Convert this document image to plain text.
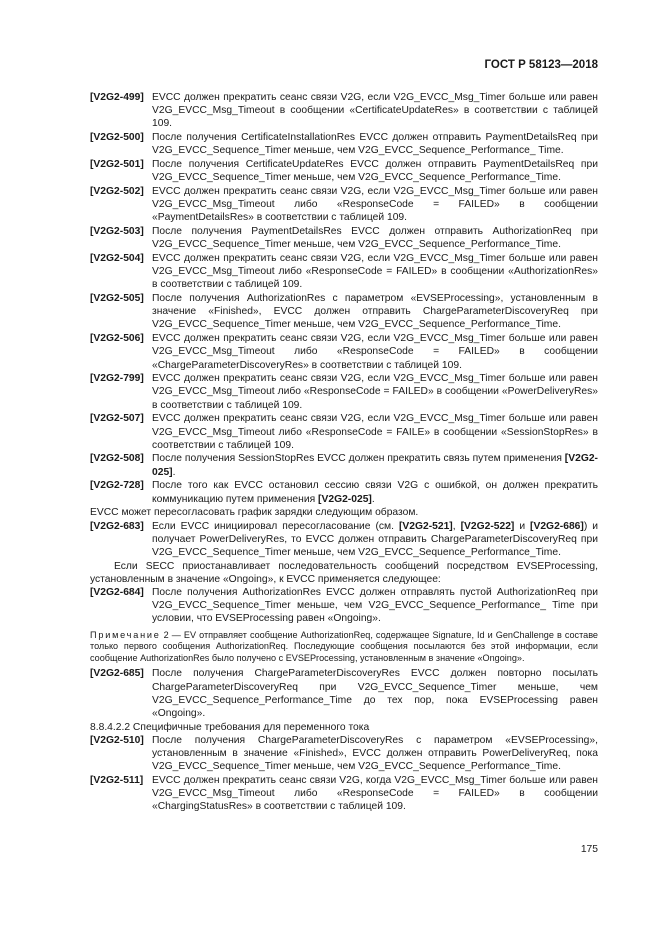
ГОСТ Р 58123—2018
[V2G2-499] EVCC должен прекратить сеанс связи V2G, если V2G_EVCC_Msg_Timer больше или равен V2G_EVCC_Msg_Timeout в сообщении «CertificateUpdateRes» в соответствии с таблицей 109.
[V2G2-500] После получения CertificateInstallationRes EVCC должен отправить PaymentDetailsReq при V2G_EVCC_Sequence_Timer меньше, чем V2G_EVCC_Sequence_Performance_ Time.
[V2G2-501] После получения CertificateUpdateRes EVCC должен отправить PaymentDetailsReq при V2G_EVCC_Sequence_Timer меньше, чем V2G_EVCC_Sequence_Performance_Time.
[V2G2-502] EVCC должен прекратить сеанс связи V2G, если V2G_EVCC_Msg_Timer больше или равен V2G_EVCC_Msg_Timeout либо «ResponseCode = FAILED» в сообщении «PaymentDetailsRes» в соответствии с таблицей 109.
[V2G2-503] После получения PaymentDetailsRes EVCC должен отправить AuthorizationReq при V2G_EVCC_Sequence_Timer меньше, чем V2G_EVCC_Sequence_Performance_Time.
[V2G2-504] EVCC должен прекратить сеанс связи V2G, если V2G_EVCC_Msg_Timer больше или равен V2G_EVCC_Msg_Timeout либо «ResponseCode = FAILED» в сообщении «AuthorizationRes» в соответствии с таблицей 109.
[V2G2-505] После получения AuthorizationRes с параметром «EVSEProcessing», установленным в значение «Finished», EVCC должен отправить ChargeParameterDiscoveryReq при V2G_EVCC_Sequence_Timer меньше, чем V2G_EVCC_Sequence_Performance_Time.
[V2G2-506] EVCC должен прекратить сеанс связи V2G, если V2G_EVCC_Msg_Timer больше или равен V2G_EVCC_Msg_Timeout либо «ResponseCode = FAILED» в сообщении «ChargeParameterDiscoveryRes» в соответствии с таблицей 109.
[V2G2-799] EVCC должен прекратить сеанс связи V2G, если V2G_EVCC_Msg_Timer больше или равен V2G_EVCC_Msg_Timeout либо «ResponseCode = FAILED» в сообщении «PowerDeliveryRes» в соответствии с таблицей 109.
[V2G2-507] EVCC должен прекратить сеанс связи V2G, если V2G_EVCC_Msg_Timer больше или равен V2G_EVCC_Msg_Timeout либо «ResponseCode = FAILE» в сообщении «SessionStopRes» в соответствии с таблицей 109.
[V2G2-508] После получения SessionStopRes EVCC должен прекратить связь путем применения [V2G2-025].
[V2G2-728] После того как EVCC остановил сессию связи V2G с ошибкой, он должен прекратить коммуникацию путем применения [V2G2-025].
EVCC может пересогласовать график зарядки следующим образом.
[V2G2-683] Если EVCC инициировал пересогласование (см. [V2G2-521], [V2G2-522] и [V2G2-686]) и получает PowerDeliveryRes, то EVCC должен отправить ChargeParameterDiscoveryReq при V2G_EVCC_Sequence_Timer меньше, чем V2G_EVCC_Sequence_Performance_Time.
Если SECC приостанавливает последовательность сообщений посредством EVSEProcessing, установленным в значение «Ongoing», к EVCC применяется следующее:
[V2G2-684] После получения AuthorizationRes EVCC должен отправлять пустой AuthorizationReq при V2G_EVCC_Sequence_Timer меньше, чем V2G_EVCC_Sequence_Performance_ Time при условии, что EVSEProcessing равен «Ongoing».
Примечание 2 — EV отправляет сообщение AuthorizationReq, содержащее Signature, Id и GenChallenge в составе только первого сообщения AuthorizationReq. Последующие сообщения посылаются без этой информации, если сообщение AuthorizationRes было получено с EVSEProcessing, установленным в значение «Ongoing».
[V2G2-685] После получения ChargeParameterDiscoveryRes EVCC должен повторно посылать ChargeParameterDiscoveryReq при V2G_EVCC_Sequence_Timer меньше, чем V2G_EVCC_Sequence_Performance_Time до тех пор, пока EVSEProcessing равен «Ongoing».
8.8.4.2.2 Специфичные требования для переменного тока
[V2G2-510] После получения ChargeParameterDiscoveryRes с параметром «EVSEProcessing», установленным в значение «Finished», EVCC должен отправить PowerDeliveryReq, пока V2G_EVCC_Sequence_Timer меньше, чем V2G_EVCC_Sequence_Performance_Time.
[V2G2-511] EVCC должен прекратить сеанс связи V2G, когда V2G_EVCC_Msg_Timer больше или равен V2G_EVCC_Msg_Timeout либо «ResponseCode = FAILED» в сообщении «ChargingStatusRes» в соответствии с таблицей 109.
175
